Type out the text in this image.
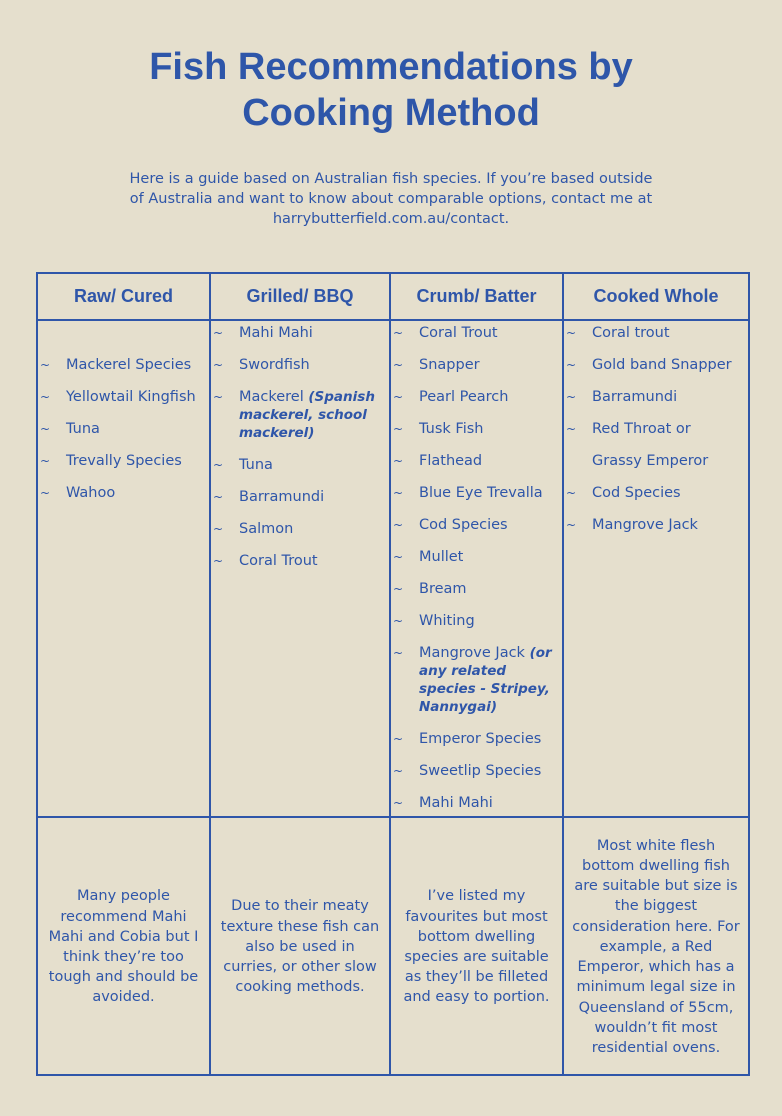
Fish Recommendations by
Cooking Method

Here is a guide based on Australian fish species. If you’re based outside
of Australia and want to know about comparable options, contact me at
harrybutterfield.com.au/contact.

Raw/ Cured
~ Mackerel Species
~ Yellowtail Kingfish
~ Tuna
~ Trevally Species
~ Wahoo
Many people recommend Mahi Mahi and Cobia but I think they’re too tough and should be avoided.
Grilled/ BBQ
~ Mahi Mahi
~ Swordfish
~ Mackerel (Spanish mackerel, school mackerel)
~ Tuna
~ Barramundi
~ Salmon
~ Coral Trout
Due to their meaty texture these fish can also be used in curries, or other slow cooking methods.
Crumb/ Batter
~ Coral Trout
~ Snapper
~ Pearl Pearch
~ Tusk Fish
~ Flathead
~ Blue Eye Trevalla
~ Cod Species
~ Mullet
~ Bream
~ Whiting
~ Mangrove Jack (or any related species - Stripey, Nannygai)
~ Emperor Species
~ Sweetlip Species
~ Mahi Mahi
I’ve listed my favourites but most bottom dwelling species are suitable as they’ll be filleted and easy to portion.
Cooked Whole
~ Coral trout
~ Gold band Snapper
~ Barramundi
~ Red Throat or Grassy Emperor
~ Cod Species
~ Mangrove Jack
Most white flesh bottom dwelling fish are suitable but size is the biggest consideration here. For example, a Red Emperor, which has a minimum legal size in Queensland of 55cm, wouldn’t fit most residential ovens.
